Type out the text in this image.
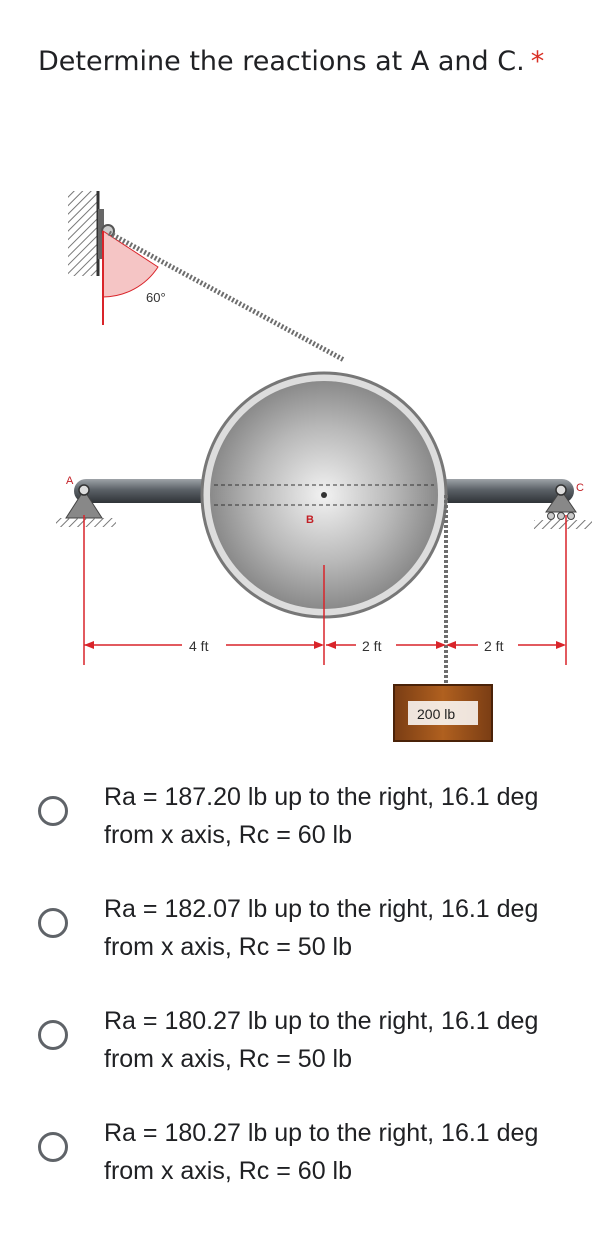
Determine the reactions at A and C. *
60°
B
A
C
4 ft	2 ft	2 ft
200 lb
Ra = 187.20 lb up to the right, 16.1 deg from x axis, Rc = 60 lb
Ra = 182.07 lb up to the right, 16.1 deg from x axis, Rc = 50 lb
Ra = 180.27 lb up to the right, 16.1 deg from x axis, Rc = 50 lb
Ra = 180.27 lb up to the right, 16.1 deg from x axis, Rc = 60 lb
